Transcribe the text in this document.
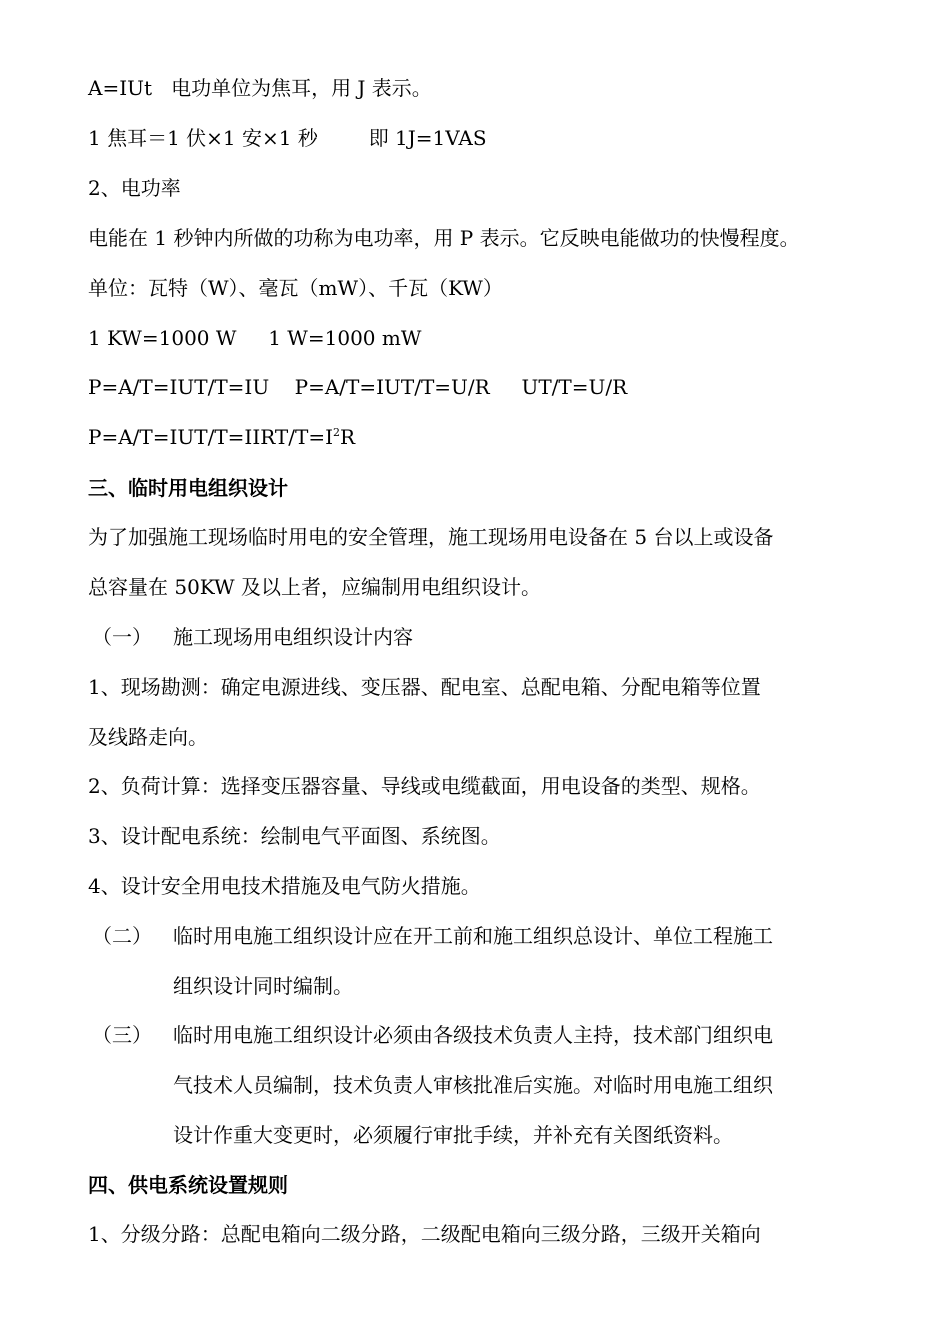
A=IUt   电功单位为焦耳，用 J 表示。
1 焦耳＝1 伏×1 安×1 秒        即 1J=1VAS
2、电功率
电能在 1 秒钟内所做的功称为电功率，用 P 表示。它反映电能做功的快慢程度。
单位：瓦特（W）、毫瓦（mW）、千瓦（KW）
1 KW=1000 W     1 W=1000 mW
P=A/T=IUT/T=IU    P=A/T=IUT/T=U/R     UT/T=U/R
$P=A/T=IUT/T=IIRT/T=I^2R$
三、临时用电组织设计
为了加强施工现场临时用电的安全管理，施工现场用电设备在 5 台以上或设备
总容量在 50KW 及以上者，应编制用电组织设计。
（一） 施工现场用电组织设计内容
1、现场勘测：确定电源进线、变压器、配电室、总配电箱、分配电箱等位置
及线路走向。
2、负荷计算：选择变压器容量、导线或电缆截面，用电设备的类型、规格。
3、设计配电系统：绘制电气平面图、系统图。
4、设计安全用电技术措施及电气防火措施。
（二） 临时用电施工组织设计应在开工前和施工组织总设计、单位工程施工
组织设计同时编制。
（三） 临时用电施工组织设计必须由各级技术负责人主持，技术部门组织电
气技术人员编制，技术负责人审核批准后实施。对临时用电施工组织
设计作重大变更时，必须履行审批手续，并补充有关图纸资料。
四、供电系统设置规则
1、分级分路：总配电箱向二级分路，二级配电箱向三级分路，三级开关箱向
